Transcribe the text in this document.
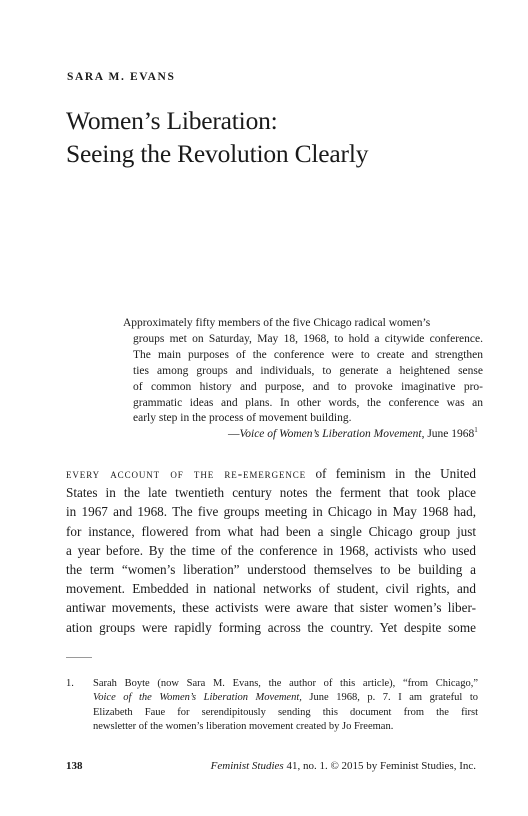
SARA M. EVANS
Women’s Liberation:
Seeing the Revolution Clearly
Approximately fifty members of the five Chicago radical women’s
groups met on Saturday, May 18, 1968, to hold a citywide conference.
The main purposes of the conference were to create and strengthen
ties among groups and individuals, to generate a heightened sense
of common history and purpose, and to provoke imaginative pro-
grammatic ideas and plans. In other words, the conference was an
early step in the process of movement building.
—Voice of Women’s Liberation Movement, June 1968$^1$
every account of the re-emergence of feminism in the United
States in the late twentieth century notes the ferment that took place
in 1967 and 1968. The five groups meeting in Chicago in May 1968 had,
for instance, flowered from what had been a single Chicago group just
a year before. By the time of the conference in 1968, activists who used
the term “women’s liberation” understood themselves to be building a
movement. Embedded in national networks of student, civil rights, and
antiwar movements, these activists were aware that sister women’s liber-
ation groups were rapidly forming across the country. Yet despite some
1. Sarah Boyte (now Sara M. Evans, the author of this article), “from Chicago,”
Voice of the Women’s Liberation Movement, June 1968, p. 7. I am grateful to
Elizabeth Faue for serendipitously sending this document from the first
newsletter of the women’s liberation movement created by Jo Freeman.
138	Feminist Studies 41, no. 1. © 2015 by Feminist Studies, Inc.
